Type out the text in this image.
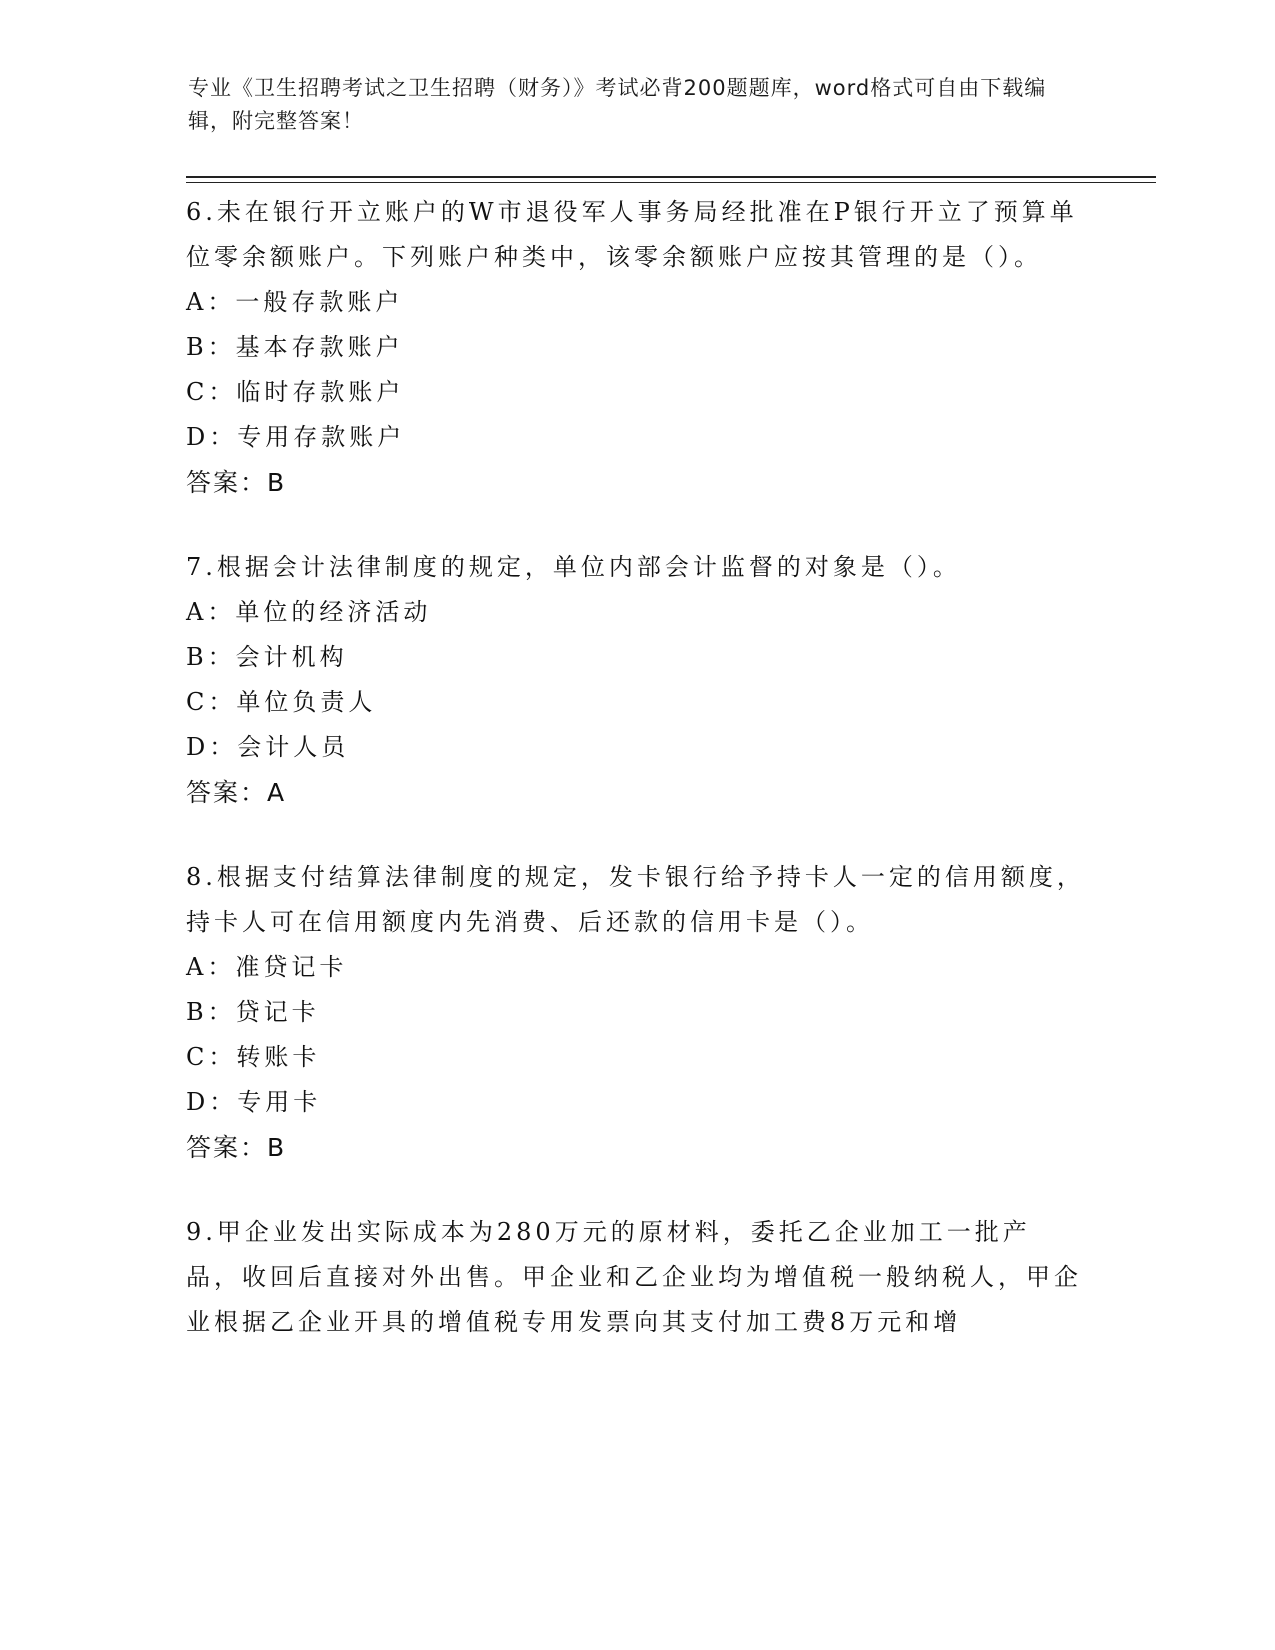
专业《卫生招聘考试之卫生招聘（财务）》考试必背200题题库，word格式可自由下载编辑，附完整答案！

6.未在银行开立账户的W市退役军人事务局经批准在P银行开立了预算单位零余额账户。下列账户种类中，该零余额账户应按其管理的是（）。

A：一般存款账户

B：基本存款账户

C：临时存款账户

D：专用存款账户

答案：B

7.根据会计法律制度的规定，单位内部会计监督的对象是（）。

A：单位的经济活动

B：会计机构

C：单位负责人

D：会计人员

答案：A

8.根据支付结算法律制度的规定，发卡银行给予持卡人一定的信用额度，持卡人可在信用额度内先消费、后还款的信用卡是（）。

A：准贷记卡

B：贷记卡

C：转账卡

D：专用卡

答案：B

9.甲企业发出实际成本为280万元的原材料，委托乙企业加工一批产品，收回后直接对外出售。甲企业和乙企业均为增值税一般纳税人，甲企业根据乙企业开具的增值税专用发票向其支付加工费8万元和增
